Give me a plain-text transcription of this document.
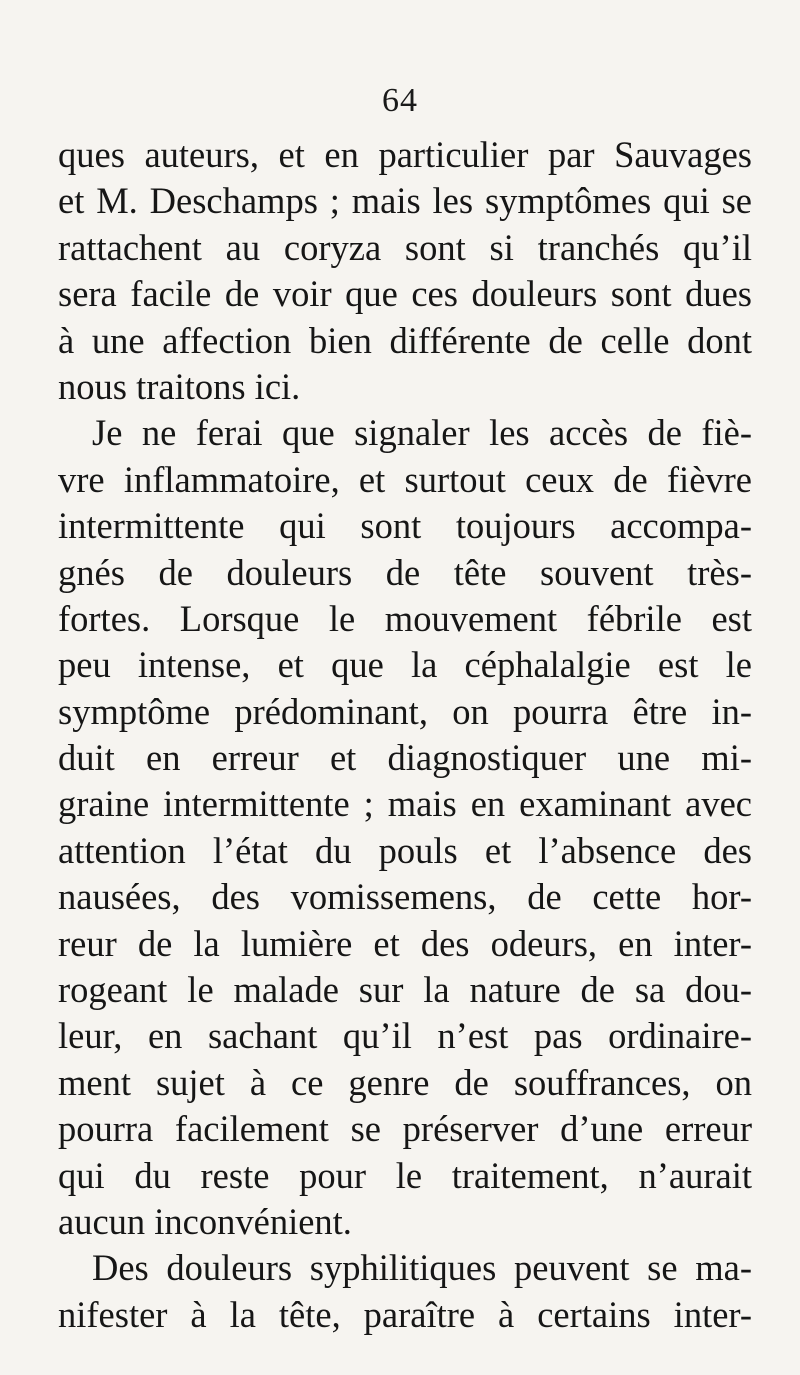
64
ques auteurs, et en particulier par Sauvages
et M. Deschamps ; mais les symptômes qui se
rattachent au coryza sont si tranchés qu’il
sera facile de voir que ces douleurs sont dues
à une affection bien différente de celle dont
nous traitons ici.
Je ne ferai que signaler les accès de fiè-
vre inflammatoire, et surtout ceux de fièvre
intermittente qui sont toujours accompa-
gnés de douleurs de tête souvent très-
fortes. Lorsque le mouvement fébrile est
peu intense, et que la céphalalgie est le
symptôme prédominant, on pourra être in-
duit en erreur et diagnostiquer une mi-
graine intermittente ; mais en examinant avec
attention l’état du pouls et l’absence des
nausées, des vomissemens, de cette hor-
reur de la lumière et des odeurs, en inter-
rogeant le malade sur la nature de sa dou-
leur, en sachant qu’il n’est pas ordinaire-
ment sujet à ce genre de souffrances, on
pourra facilement se préserver d’une erreur
qui du reste pour le traitement, n’aurait
aucun inconvénient.
Des douleurs syphilitiques peuvent se ma-
nifester à la tête, paraître à certains inter-
